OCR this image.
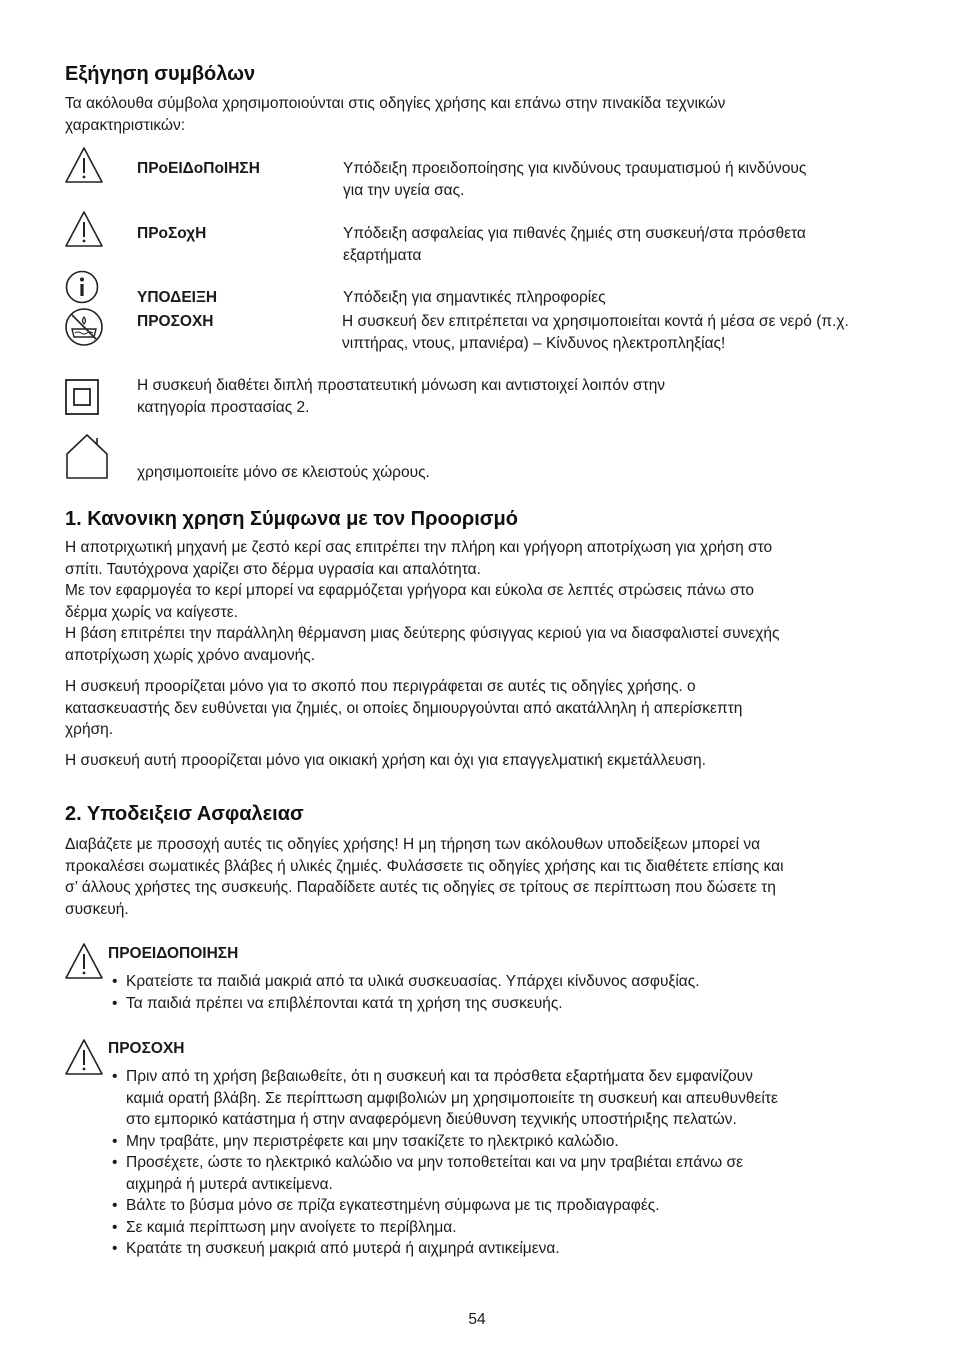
Εξήγηση συμβόλων

Τα ακόλουθα σύμβολα χρησιμοποιούνται στις οδηγίες χρήσης και επάνω στην πινακίδα τεχνικών χαρακτηριστικών:

ΠΡοΕΙΔοΠοΙΗΣΗ	Υπόδειξη προειδοποίησης για κινδύνους τραυματισμού ή κινδύνους για την υγεία σας.

ΠΡοΣοχΗ	Υπόδειξη ασφαλείας για πιθανές ζημιές στη συσκευή/στα πρόσθετα εξαρτήματα

ΥΠΟΔΕΙΞΗ	Υπόδειξη για σημαντικές πληροφορίες

ΠΡΟΣΟΧΗ	Η συσκευή δεν επιτρέπεται να χρησιμοποιείται κοντά ή μέσα σε νερό (π.χ. νιπτήρας, ντους, μπανιέρα) – Κίνδυνος ηλεκτροπληξίας!

Η συσκευή διαθέτει διπλή προστατευτική μόνωση και αντιστοιχεί λοιπόν στην κατηγορία προστασίας 2.

χρησιμοποιείτε μόνο σε κλειστούς χώρους.

1. Κανονικη χρηση Σύμφωνα με τον Προορισμό
Η αποτριχωτική μηχανή με ζεστό κερί σας επιτρέπει την πλήρη και γρήγορη αποτρίχωση για χρήση στο
σπίτι. Ταυτόχρονα χαρίζει στο δέρμα υγρασία και απαλότητα.
Με τον εφαρμογέα το κερί μπορεί να εφαρμόζεται γρήγορα και εύκολα σε λεπτές στρώσεις πάνω στο
δέρμα χωρίς να καίγεστε.
Η βάση επιτρέπει την παράλληλη θέρμανση μιας δεύτερης φύσιγγας κεριού για να διασφαλιστεί συνεχής
αποτρίχωση χωρίς χρόνο αναμονής.
Η συσκευή προορίζεται μόνο για το σκοπό που περιγράφεται σε αυτές τις οδηγίες χρήσης. ο
κατασκευαστής δεν ευθύνεται για ζημιές, οι οποίες δημιουργούνται από ακατάλληλη ή απερίσκεπτη
χρήση.

Η συσκευή αυτή προορίζεται μόνο για οικιακή χρήση και όχι για επαγγελματική εκμετάλλευση.

2. Υποδειξεισ Ασφαλειασ
Διαβάζετε με προσοχή αυτές τις οδηγίες χρήσης! Η μη τήρηση των ακόλουθων υποδείξεων μπορεί να
προκαλέσει σωματικές βλάβες ή υλικές ζημιές. Φυλάσσετε τις οδηγίες χρήσης και τις διαθέτετε επίσης και
σ’ άλλους χρήστες της συσκευής. Παραδίδετε αυτές τις οδηγίες σε τρίτους σε περίπτωση που δώσετε τη
συσκευή.
ΠΡΟΕΙΔΟΠΟΙΗΣΗ
• Κρατείστε τα παιδιά μακριά από τα υλικά συσκευασίας. Υπάρχει κίνδυνος ασφυξίας.
• Τα παιδιά πρέπει να επιβλέπονται κατά τη χρήση της συσκευής.
ΠΡΟΣΟΧΗ
• Πριν από τη χρήση βεβαιωθείτε, ότι η συσκευή και τα πρόσθετα εξαρτήματα δεν εμφανίζουν
καμιά ορατή βλάβη. Σε περίπτωση αμφιβολιών μη χρησιμοποιείτε τη συσκευή και απευθυνθείτε
στο εμπορικό κατάστημα ή στην αναφερόμενη διεύθυνση τεχνικής υποστήριξης πελατών.
• Μην τραβάτε, μην περιστρέφετε και μην τσακίζετε το ηλεκτρικό καλώδιο.
• Προσέχετε, ώστε το ηλεκτρικό καλώδιο να μην τοποθετείται και να μην τραβιέται επάνω σε
αιχμηρά ή μυτερά αντικείμενα.
• Βάλτε το βύσμα μόνο σε πρίζα εγκατεστημένη σύμφωνα με τις προδιαγραφές.
• Σε καμιά περίπτωση μην ανοίγετε το περίβλημα.
• Κρατάτε τη συσκευή μακριά από μυτερά ή αιχμηρά αντικείμενα.
54
